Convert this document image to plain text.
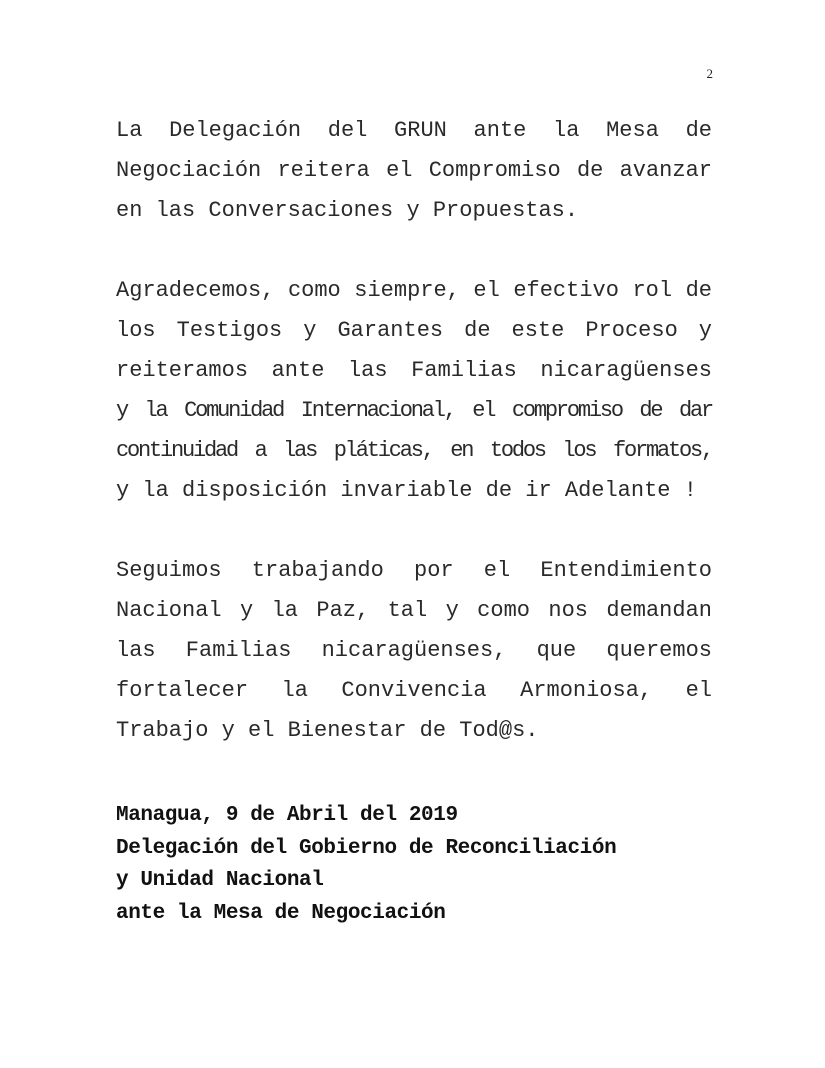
2
La Delegación del GRUN ante la Mesa de
Negociación reitera el Compromiso de avanzar
en las Conversaciones y Propuestas.
Agradecemos, como siempre, el efectivo rol de
los Testigos y Garantes de este Proceso y
reiteramos ante las Familias nicaragüenses
y la Comunidad Internacional, el compromiso de dar
continuidad a las pláticas, en todos los formatos,
y la disposición invariable de ir Adelante !
Seguimos trabajando por el Entendimiento
Nacional y la Paz, tal y como nos demandan
las Familias nicaragüenses, que queremos
fortalecer la Convivencia Armoniosa, el
Trabajo y el Bienestar de Tod@s.
Managua, 9 de Abril del 2019
Delegación del Gobierno de Reconciliación
y Unidad Nacional
ante la Mesa de Negociación
